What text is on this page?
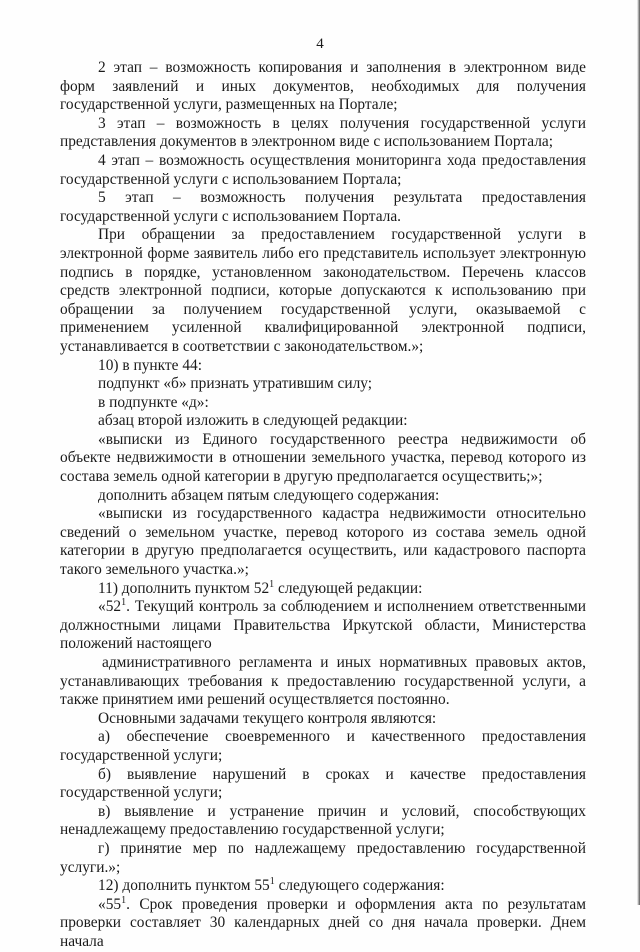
4

2 этап – возможность копирования и заполнения в электронном виде форм заявлений и иных документов, необходимых для получения государственной услуги, размещенных на Портале;

3 этап – возможность в целях получения государственной услуги представления документов в электронном виде с использованием Портала;

4 этап – возможность осуществления мониторинга хода предоставления государственной услуги с использованием Портала;

5 этап – возможность получения результата предоставления государственной услуги с использованием Портала.

При обращении за предоставлением государственной услуги в электронной форме заявитель либо его представитель использует электронную подпись в порядке, установленном законодательством. Перечень классов средств электронной подписи, которые допускаются к использованию при обращении за получением государственной услуги, оказываемой с применением усиленной квалифицированной электронной подписи, устанавливается в соответствии с законодательством.»;

10) в пункте 44:

подпункт «б» признать утратившим силу;

в подпункте «д»:

абзац второй изложить в следующей редакции:

«выписки из Единого государственного реестра недвижимости об объекте недвижимости в отношении земельного участка, перевод которого из состава земель одной категории в другую предполагается осуществить;»;

дополнить абзацем пятым следующего содержания:

«выписки из государственного кадастра недвижимости относительно сведений о земельном участке, перевод которого из состава земель одной категории в другую предполагается осуществить, или кадастрового паспорта такого земельного участка.»;

11) дополнить пунктом $52^1$ следующей редакции:

«$52^1$. Текущий контроль за соблюдением и исполнением ответственными должностными лицами Правительства Иркутской области, Министерства положений настоящего

административного регламента и иных нормативных правовых актов, устанавливающих требования к предоставлению государственной услуги, а также принятием ими решений осуществляется постоянно.

Основными задачами текущего контроля являются:

а) обеспечение своевременного и качественного предоставления государственной услуги;

б) выявление нарушений в сроках и качестве предоставления государственной услуги;

в) выявление и устранение причин и условий, способствующих ненадлежащему предоставлению государственной услуги;

г) принятие мер по надлежащему предоставлению государственной услуги.»;

12) дополнить пунктом $55^1$ следующего содержания:

«$55^1$. Срок проведения проверки и оформления акта по результатам проверки составляет 30 календарных дней со дня начала проверки. Днем начала
